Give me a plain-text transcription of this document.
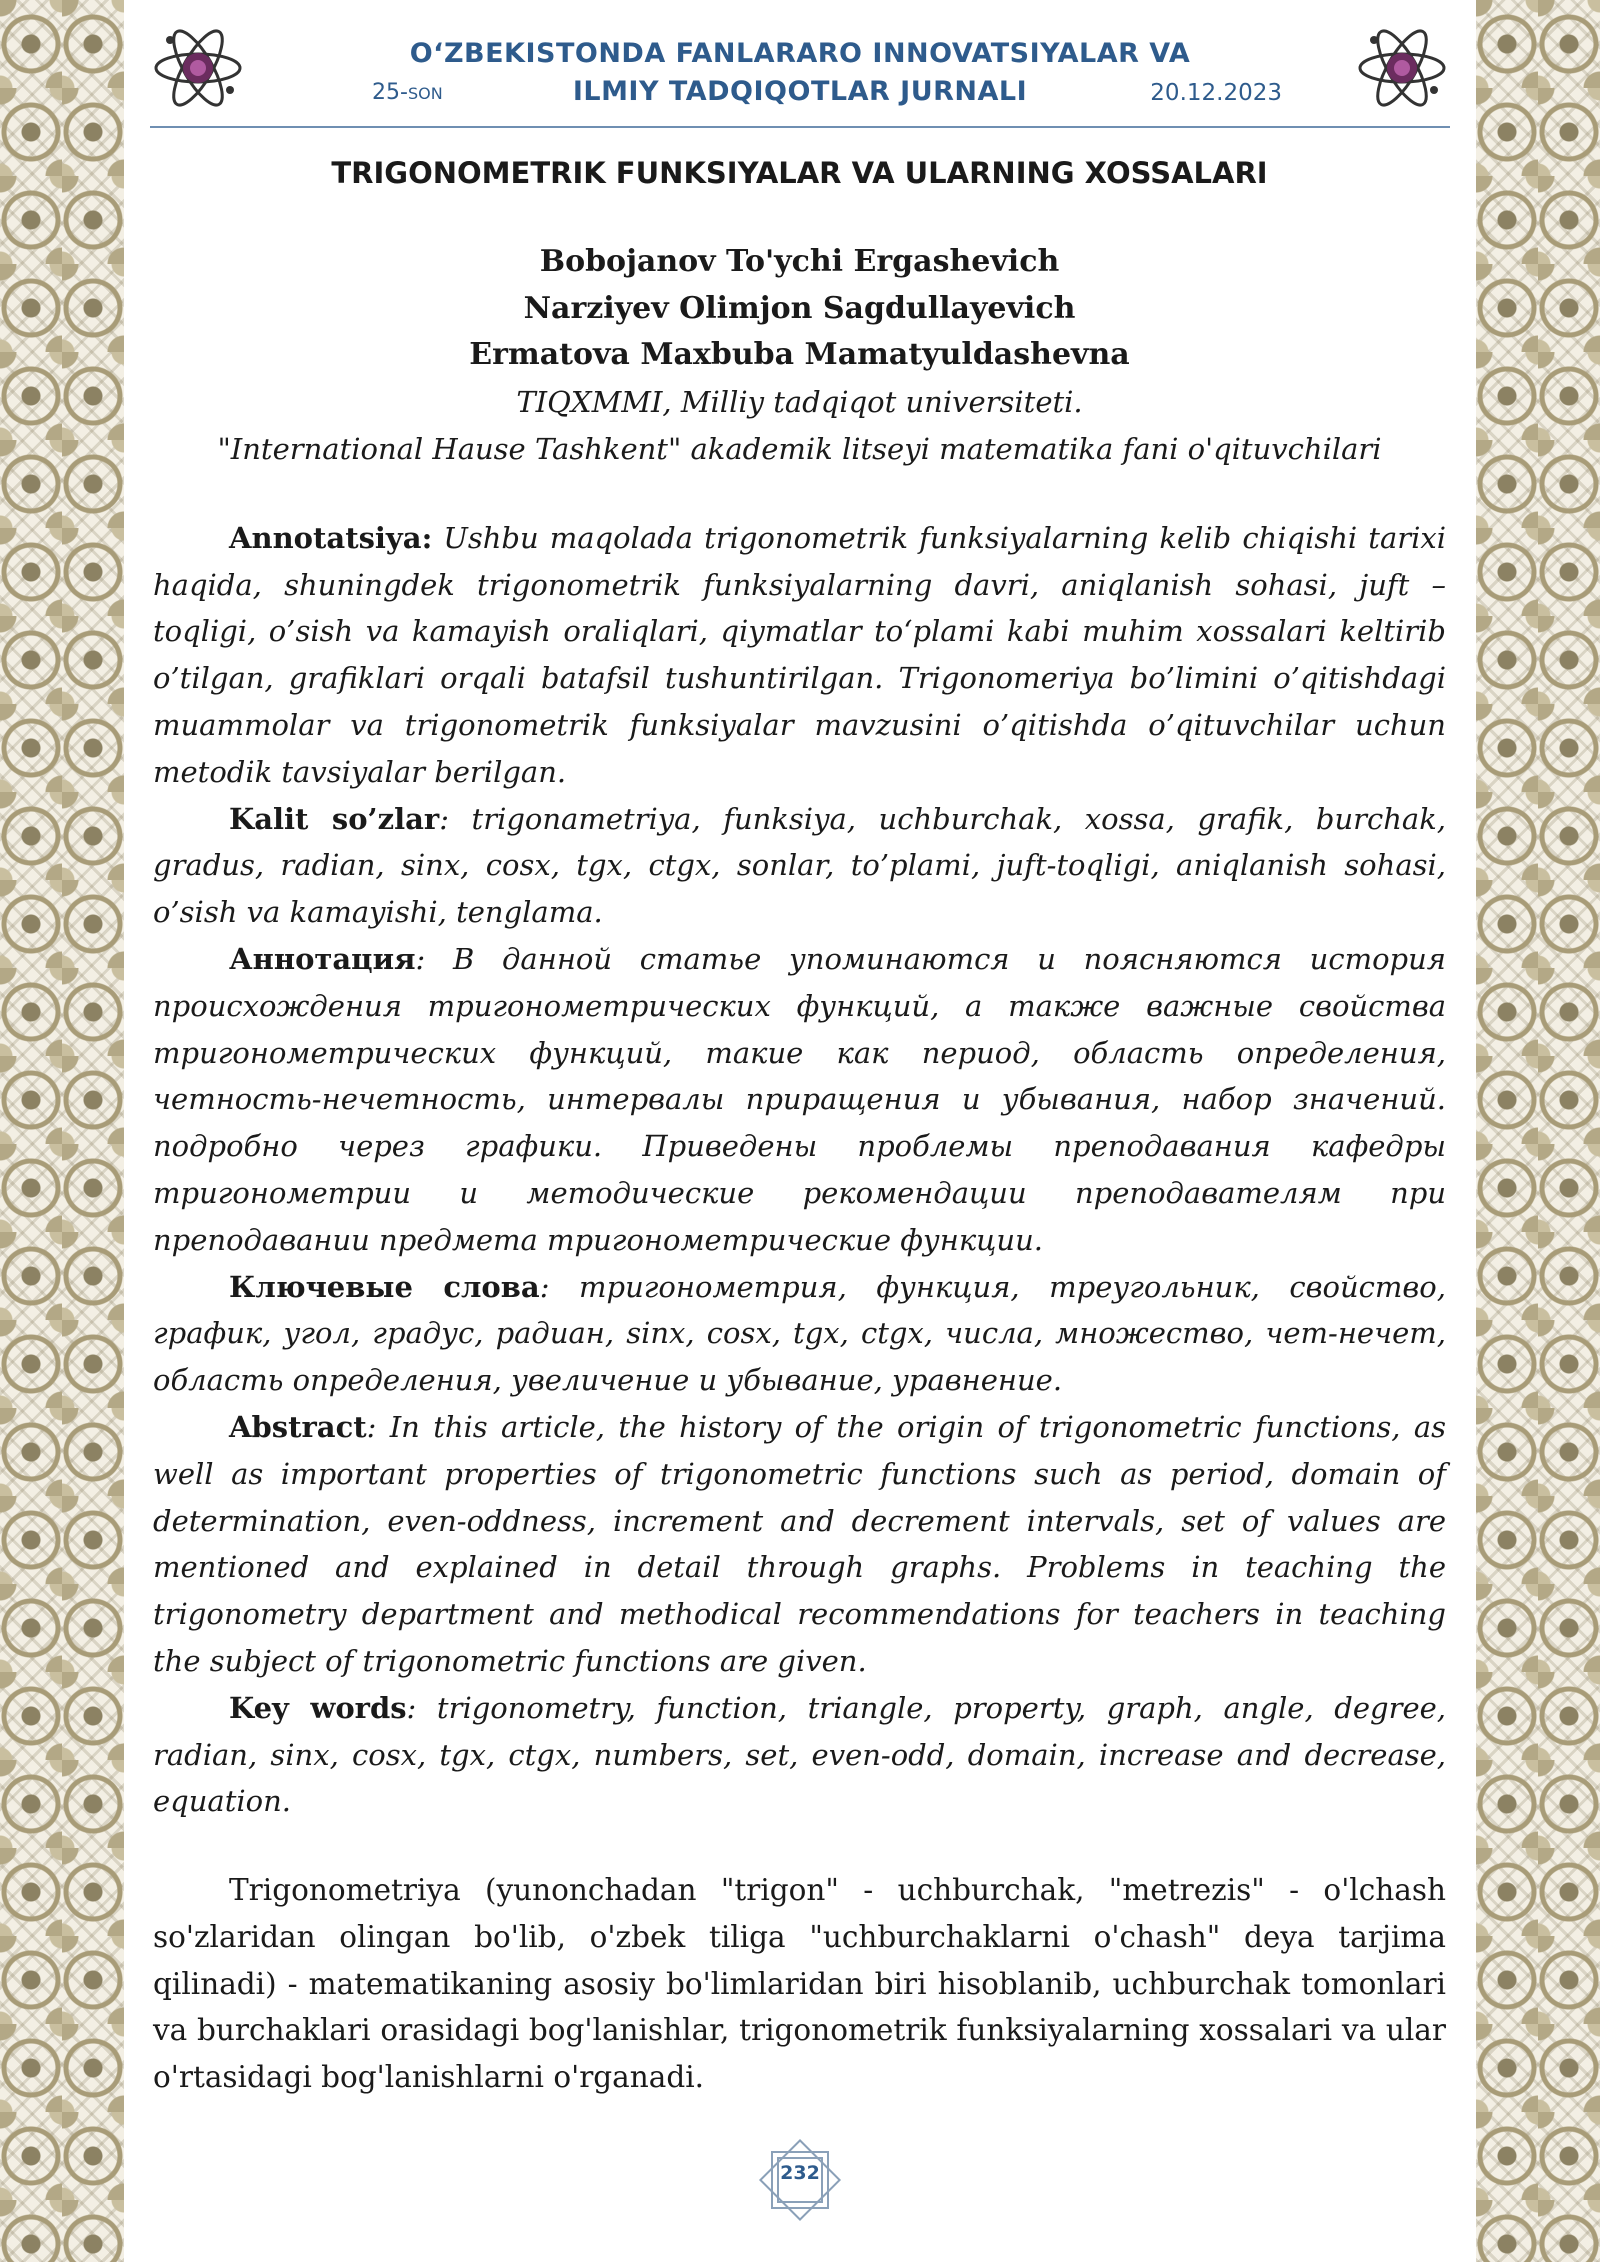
O‘ZBEKISTONDA FANLARARO INNOVATSIYALAR VA
ILMIY TADQIQOTLAR JURNALI
25-SON	20.12.2023
TRIGONOMETRIK FUNKSIYALAR VA ULARNING XOSSALARI
Bobojanov To'ychi Ergashevich
Narziyev Olimjon Sagdullayevich
Ermatova Maxbuba Mamatyuldashevna
TIQXMMI, Milliy tadqiqot universiteti.
"International Hause Tashkent" akademik litseyi matematika fani o'qituvchilari

Annotatsiya: Ushbu maqolada trigonometrik funksiyalarning kelib chiqishi tarixi haqida, shuningdek trigonometrik funksiyalarning davri, aniqlanish sohasi, juft – toqligi, o’sish va kamayish oraliqlari, qiymatlar to‘plami kabi muhim xossalari keltirib o’tilgan, grafiklari orqali batafsil tushuntirilgan. Trigonomeriya bo’limini o’qitishdagi muammolar va trigonometrik funksiyalar mavzusini o’qitishda o’qituvchilar uchun metodik tavsiyalar berilgan.

Kalit so’zlar: trigonametriya, funksiya, uchburchak, xossa, grafik, burchak, gradus, radian, sinx, cosx, tgx, ctgx, sonlar, to’plami, juft-toqligi, aniqlanish sohasi, o’sish va kamayishi, tenglama.

Аннотация: В данной статье упоминаются и поясняются история происхождения тригонометрических функций, а также важные свойства тригонометрических функций, такие как период, область определения, четность-нечетность, интервалы приращения и убывания, набор значений. подробно через графики. Приведены проблемы преподавания кафедры тригонометрии и методические рекомендации преподавателям при преподавании предмета тригонометрические функции.

Ключевые слова: тригонометрия, функция, треугольник, свойство, график, угол, градус, радиан, sinx, cosx, tgx, ctgx, числа, множество, чет-нечет, область определения, увеличение и убывание, уравнение.

Abstract: In this article, the history of the origin of trigonometric functions, as well as important properties of trigonometric functions such as period, domain of determination, even-oddness, increment and decrement intervals, set of values are mentioned and explained in detail through graphs. Problems in teaching the trigonometry department and methodical recommendations for teachers in teaching the subject of trigonometric functions are given.

Key words: trigonometry, function, triangle, property, graph, angle, degree, radian, sinx, cosx, tgx, ctgx, numbers, set, even-odd, domain, increase and decrease, equation.

Trigonometriya (yunonchadan "trigon" - uchburchak, "metrezis" - o'lchash so'zlaridan olingan bo'lib, o'zbek tiliga "uchburchaklarni o'chash" deya tarjima qilinadi) - matematikaning asosiy bo'limlaridan biri hisoblanib, uchburchak tomonlari va burchaklari orasidagi bog'lanishlar, trigonometrik funksiyalarning xossalari va ular o'rtasidagi bog'lanishlarni o'rganadi.

232
